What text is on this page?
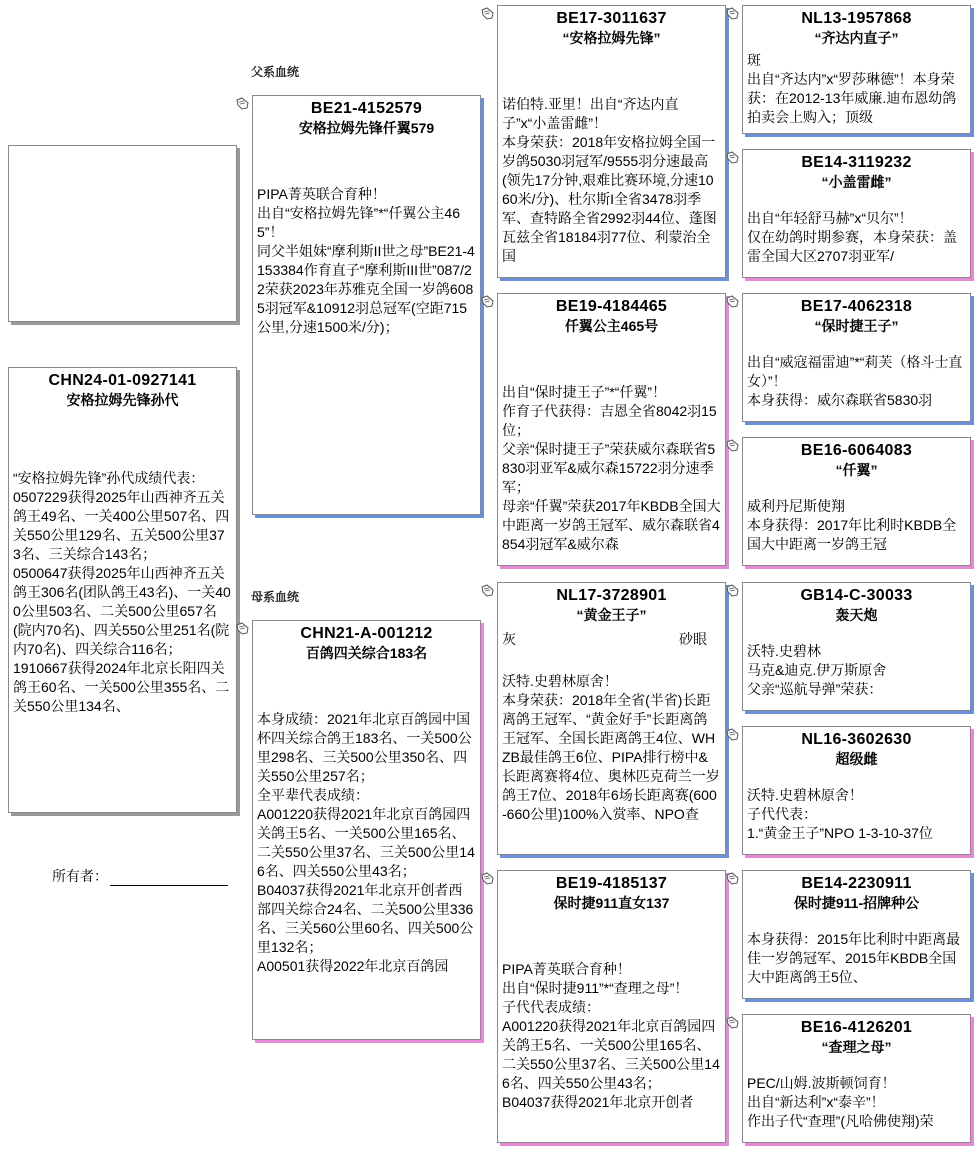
父系血统
母系血统
CHN24-01-0927141
安格拉姆先锋孙代
“安格拉姆先锋”孙代成绩代表：
0507229获得2025年山西神齐五关鸽王49名、一关400公里507名、四关550公里129名、五关500公里373名、三关综合143名；
0500647获得2025年山西神齐五关鸽王306名(团队鸽王43名)、一关400公里503名、二关500公里657名(院内70名)、四关550公里251名(院内70名)、四关综合116名；
1910667获得2024年北京长阳四关鸽王60名、一关500公里355名、二关550公里134名、
所有者：
BE21-4152579
安格拉姆先锋仟翼579
PIPA菁英联合育种！
出自“安格拉姆先锋”*“仟翼公主465”！
同父半姐妹“摩利斯II世之母”BE21-4153384作育直子“摩利斯III世”087/22荣获2023年苏雅克全国一岁鸽6085羽冠军&10912羽总冠军(空距715公里,分速1500米/分)；
CHN21-A-001212
百鸽四关综合183名
本身成绩：2021年北京百鸽园中国杯四关综合鸽王183名、一关500公里298名、三关500公里350名、四关550公里257名；
全平辈代表成绩：
A001220获得2021年北京百鸽园四关鸽王5名、一关500公里165名、二关550公里37名、三关500公里146名、四关550公里43名；
B04037获得2021年北京开创者西部四关综合24名、二关500公里336名、三关560公里60名、四关500公里132名；
A00501获得2022年北京百鸽园
BE17-3011637
“安格拉姆先锋”
诺伯特.亚里！出自“齐达内直子”x“小盖雷雌”！
本身荣获：2018年安格拉姆全国一岁鸽5030羽冠军/9555羽分速最高(领先17分钟,艰难比赛环境,分速1060米/分)、杜尔斯I全省3478羽季军、查特路全省2992羽44位、蓬图瓦兹全省18184羽77位、利蒙治全国
BE19-4184465
仟翼公主465号
出自“保时捷王子”*“仟翼”！
作育子代获得：吉恩全省8042羽15位；
父亲“保时捷王子”荣获威尔森联省5830羽亚军&威尔森15722羽分速季军；
母亲“仟翼”荣获2017年KBDB全国大中距离一岁鸽王冠军、威尔森联省4854羽冠军&威尔森
NL17-3728901
“黄金王子”
灰	砂眼
沃特.史碧林原舍！
本身荣获：2018年全省(半省)长距离鸽王冠军、“黄金好手”长距离鸽王冠军、全国长距离鸽王4位、WHZB最佳鸽王6位、PIPA排行榜中&长距离赛将4位、奥林匹克荷兰一岁鸽王7位、2018年6场长距离赛(600-660公里)100%入赏率、NPO查
BE19-4185137
保时捷911直女137
PIPA菁英联合育种！
出自“保时捷911”*“查理之母”！
子代代表成绩：
A001220获得2021年北京百鸽园四关鸽王5名、一关500公里165名、二关550公里37名、三关500公里146名、四关550公里43名；
B04037获得2021年北京开创者
NL13-1957868
“齐达内直子”
斑
出自“齐达内”x“罗莎琳德”！本身荣获：在2012-13年威廉.迪布恩幼鸽拍卖会上购入；顶级
BE14-3119232
“小盖雷雌”
出自“年轻舒马赫”x“贝尔”！
仅在幼鸽时期参赛，本身荣获：盖雷全国大区2707羽亚军/
BE17-4062318
“保时捷王子”
出自“威寇福雷迪”*“莉芙（格斗士直女）”！
本身获得：威尔森联省5830羽
BE16-6064083
“仟翼”
威利丹尼斯使翔
本身获得：2017年比利时KBDB全国大中距离一岁鸽王冠
GB14-C-30033
轰天炮
沃特.史碧林
马克&迪克.伊万斯原舍
父亲“巡航导弹”荣获：
NL16-3602630
超级雌
沃特.史碧林原舍！
子代代表：
1.“黄金王子”NPO 1-3-10-37位
BE14-2230911
保时捷911-招牌种公
本身获得：2015年比利时中距离最佳一岁鸽冠军、2015年KBDB全国大中距离鸽王5位、
BE16-4126201
“查理之母”
PEC/山姆.波斯顿饲育！
出自“新达利”x“泰辛”！
作出子代“查理”(凡哈佛使翔)荣
